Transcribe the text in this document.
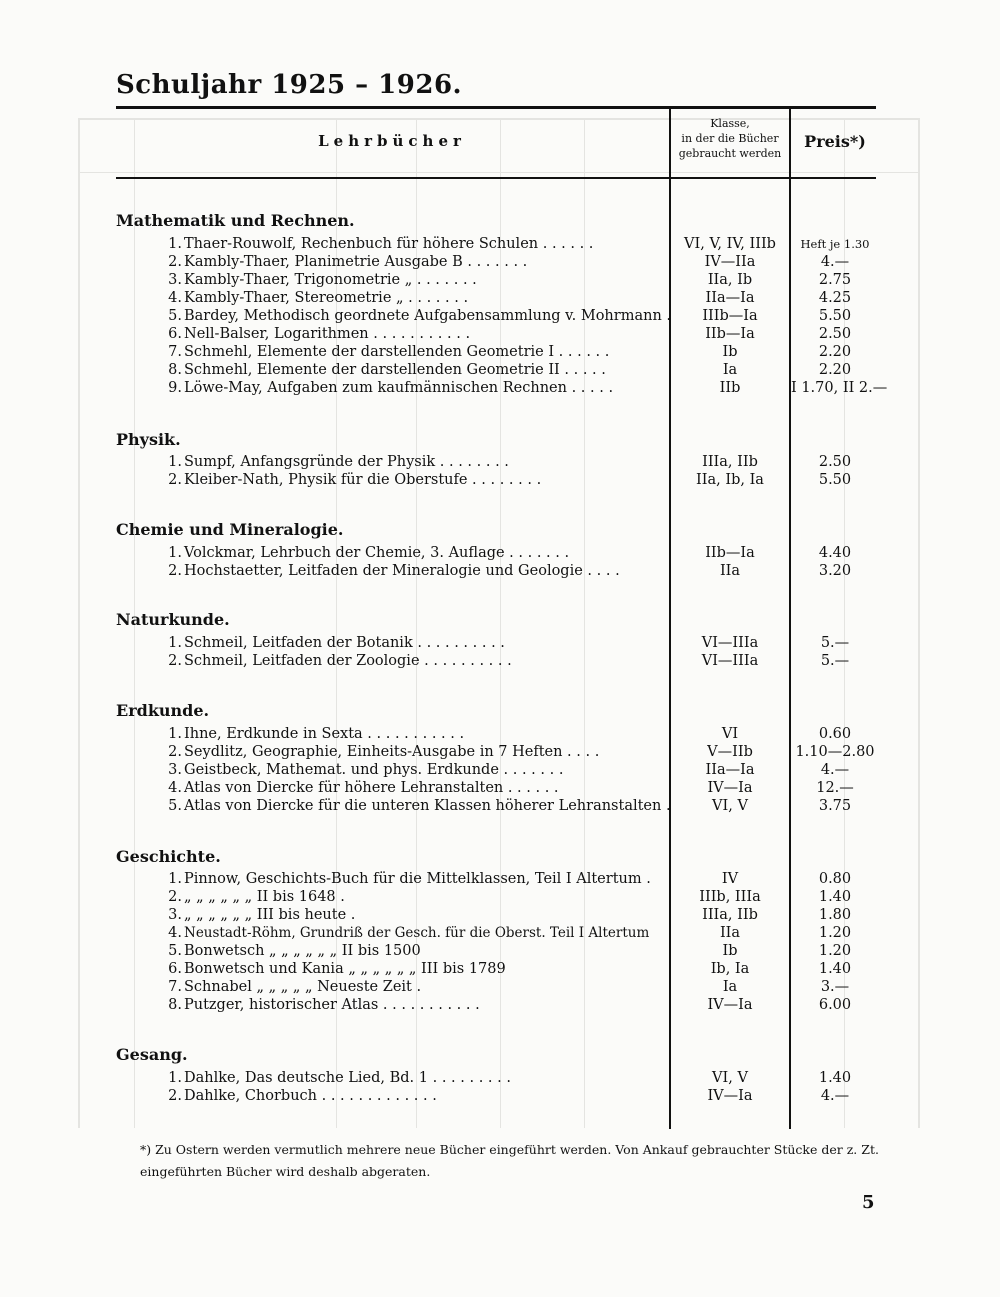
Schuljahr 1925 – 1926.
Lehrbücher
Klasse,
in der die Bücher
gebraucht werden
Preis*)
Mathematik und Rechnen.
1. Thaer-Rouwolf, Rechenbuch für höhere Schulen . . . . . .	VI, V, IV, IIIb	Heft je 1.30
2. Kambly-Thaer, Planimetrie Ausgabe B . . . . . . .	IV—IIa	4.—
3. Kambly-Thaer, Trigonometrie „ . . . . . . .	IIa, Ib	2.75
4. Kambly-Thaer, Stereometrie „ . . . . . . .	IIa—Ia	4.25
5. Bardey, Methodisch geordnete Aufgabensammlung v. Mohrmann .	IIIb—Ia	5.50
6. Nell-Balser, Logarithmen . . . . . . . . . . .	IIb—Ia	2.50
7. Schmehl, Elemente der darstellenden Geometrie I . . . . . .	Ib	2.20
8. Schmehl, Elemente der darstellenden Geometrie II . . . . .	Ia	2.20
9. Löwe-May, Aufgaben zum kaufmännischen Rechnen . . . . .	IIb	I 1.70, II 2.—
Physik.
1. Sumpf, Anfangsgründe der Physik . . . . . . . .	IIIa, IIb	2.50
2. Kleiber-Nath, Physik für die Oberstufe . . . . . . . .	IIa, Ib, Ia	5.50
Chemie und Mineralogie.
1. Volckmar, Lehrbuch der Chemie, 3. Auflage . . . . . . .	IIb—Ia	4.40
2. Hochstaetter, Leitfaden der Mineralogie und Geologie . . . .	IIa	3.20
Naturkunde.
1. Schmeil, Leitfaden der Botanik . . . . . . . . . .	VI—IIIa	5.—
2. Schmeil, Leitfaden der Zoologie . . . . . . . . . .	VI—IIIa	5.—
Erdkunde.
1. Ihne, Erdkunde in Sexta . . . . . . . . . . .	VI	0.60
2. Seydlitz, Geographie, Einheits-Ausgabe in 7 Heften . . . .	V—IIb	1.10—2.80
3. Geistbeck, Mathemat. und phys. Erdkunde . . . . . . .	IIa—Ia	4.—
4. Atlas von Diercke für höhere Lehranstalten . . . . . .	IV—Ia	12.—
5. Atlas von Diercke für die unteren Klassen höherer Lehranstalten .	VI, V	3.75
Geschichte.
1. Pinnow, Geschichts-Buch für die Mittelklassen, Teil I Altertum .	IV	0.80
2. „ „ „ „ „ „ II bis 1648 .	IIIb, IIIa	1.40
3. „ „ „ „ „ „ III bis heute .	IIIa, IIb	1.80
4. Neustadt-Röhm, Grundriß der Gesch. für die Oberst. Teil I Altertum	IIa	1.20
5. Bonwetsch „ „ „ „ „ „ II bis 1500	Ib	1.20
6. Bonwetsch und Kania „ „ „ „ „ „ III bis 1789	Ib, Ia	1.40
7. Schnabel „ „ „ „ „ Neueste Zeit .	Ia	3.—
8. Putzger, historischer Atlas . . . . . . . . . . .	IV—Ia	6.00
Gesang.
1. Dahlke, Das deutsche Lied, Bd. 1 . . . . . . . . .	VI, V	1.40
2. Dahlke, Chorbuch . . . . . . . . . . . . .	IV—Ia	4.—
*) Zu Ostern werden vermutlich mehrere neue Bücher eingeführt werden. Von Ankauf gebrauchter Stücke der z. Zt.
eingeführten Bücher wird deshalb abgeraten.
5
